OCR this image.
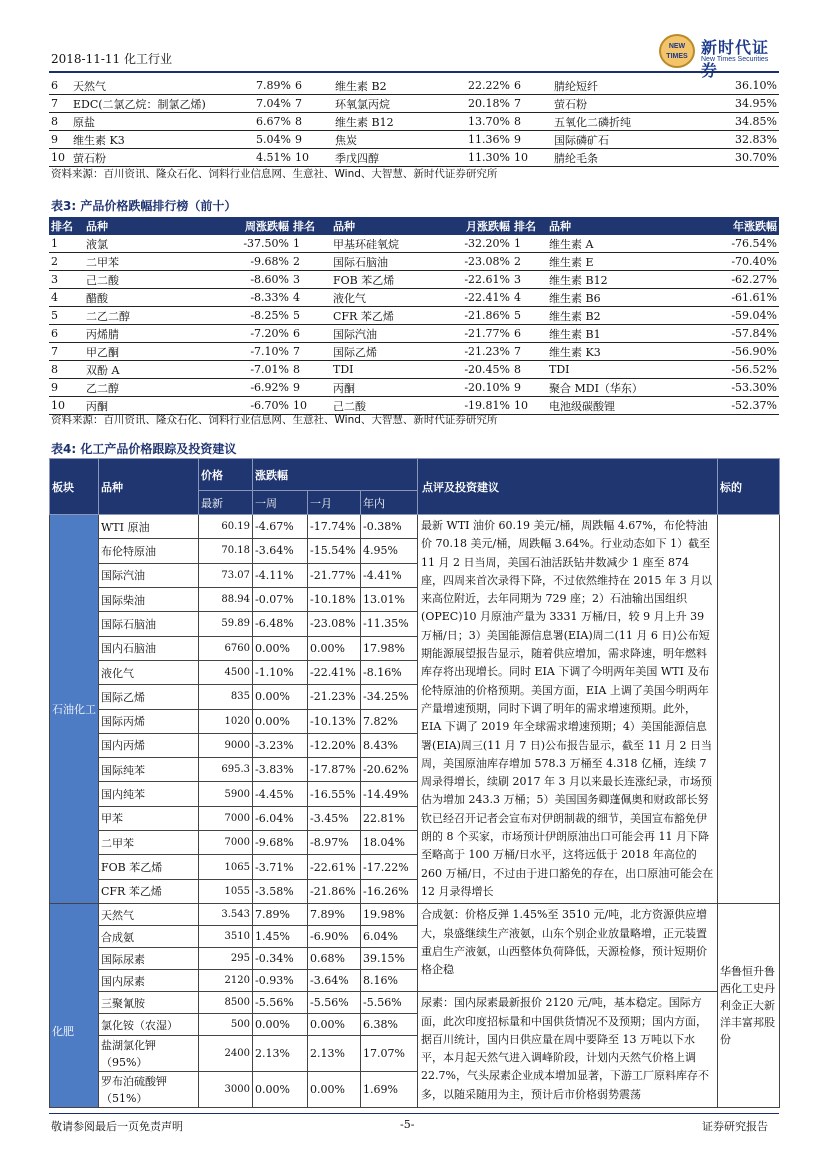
2018-11-11 化工行业
NEW TIMES 新时代证券
New Times Securities
6	天然气	7.89%	6	维生素 B2	22.22%	6	腈纶短纤	36.10%
7	EDC(二氯乙烷：制氯乙烯)	7.04%	7	环氧氯丙烷	20.18%	7	萤石粉	34.95%
8	原盐	6.67%	8	维生素 B12	13.70%	8	五氧化二磷折纯	34.85%
9	维生素 K3	5.04%	9	焦炭	11.36%	9	国际磷矿石	32.83%
10	萤石粉	4.51%	10	季戊四醇	11.30%	10	腈纶毛条	30.70%
资料来源：百川资讯、隆众石化、饲料行业信息网、生意社、Wind、大智慧、新时代证券研究所
表3: 产品价格跌幅排行榜（前十）
排名	品种	周涨跌幅	排名	品种	月涨跌幅	排名	品种	年涨跌幅
1	液氯	-37.50%	1	甲基环硅氧烷	-32.20%	1	维生素 A	-76.54%
2	二甲苯	-9.68%	2	国际石脑油	-23.08%	2	维生素 E	-70.40%
3	己二酸	-8.60%	3	FOB 苯乙烯	-22.61%	3	维生素 B12	-62.27%
4	醋酸	-8.33%	4	液化气	-22.41%	4	维生素 B6	-61.61%
5	二乙二醇	-8.25%	5	CFR 苯乙烯	-21.86%	5	维生素 B2	-59.04%
6	丙烯腈	-7.20%	6	国际汽油	-21.77%	6	维生素 B1	-57.84%
7	甲乙酮	-7.10%	7	国际乙烯	-21.23%	7	维生素 K3	-56.90%
8	双酚 A	-7.01%	8	TDI	-20.45%	8	TDI	-56.52%
9	乙二醇	-6.92%	9	丙酮	-20.10%	9	聚合 MDI（华东）	-53.30%
10	丙酮	-6.70%	10	己二酸	-19.81%	10	电池级碳酸锂	-52.37%
资料来源：百川资讯、隆众石化、饲料行业信息网、生意社、Wind、大智慧、新时代证券研究所
表4: 化工产品价格跟踪及投资建议
板块	品种	价格	涨跌幅			点评及投资建议	标的
		最新	一周	一月	年内		
石油化工	WTI 原油	60.19	-4.67%	-17.74%	-0.38%	最新 WTI 油价 60.19 美元/桶，周跌幅 4.67%，布伦特油价 70.18 美元/桶，周跌幅 3.64%。行业动态如下 1）截至 11 月 2 日当周，美国石油活跃钻井数减少 1 座至 874 座，四周来首次录得下降，不过依然维持在 2015 年 3 月以来高位附近，去年同期为 729 座；2）石油输出国组织(OPEC)10 月原油产量为 3331 万桶/日，较 9 月上升 39 万桶/日；3）美国能源信息署(EIA)周二(11 月 6 日)公布短期能源展望报告显示，随着供应增加，需求降速，明年燃料库存将出现增长。同时 EIA 下调了今明两年美国 WTI 及布伦特原油的价格预期。美国方面，EIA 上调了美国今明两年产量增速预期，同时下调了明年的需求增速预期。此外，EIA 下调了 2019 年全球需求增速预期；4）美国能源信息署(EIA)周三(11 月 7 日)公布报告显示，截至 11 月 2 日当周，美国原油库存增加 578.3 万桶至 4.318 亿桶，连续 7 周录得增长，续刷 2017 年 3 月以来最长连涨纪录，市场预估为增加 243.3 万桶；5）美国国务卿蓬佩奥和财政部长努钦已经召开记者会宣布对伊朗制裁的细节，美国宣布豁免伊朗的 8 个买家，市场预计伊朗原油出口可能会再 11 月下降至略高于 100 万桶/日水平，这将远低于 2018 年高位的 260 万桶/日，不过由于进口豁免的存在，出口原油可能会在 12 月录得增长	
	布伦特原油	70.18	-3.64%	-15.54%	4.95%		
	国际汽油	73.07	-4.11%	-21.77%	-4.41%		
	国际柴油	88.94	-0.07%	-10.18%	13.01%		
	国际石脑油	59.89	-6.48%	-23.08%	-11.35%		
	国内石脑油	6760	0.00%	0.00%	17.98%		
	液化气	4500	-1.10%	-22.41%	-8.16%		
	国际乙烯	835	0.00%	-21.23%	-34.25%		
	国际丙烯	1020	0.00%	-10.13%	7.82%		
	国内丙烯	9000	-3.23%	-12.20%	8.43%		
	国际纯苯	695.3	-3.83%	-17.87%	-20.62%		
	国内纯苯	5900	-4.45%	-16.55%	-14.49%		
	甲苯	7000	-6.04%	-3.45%	22.81%		
	二甲苯	7000	-9.68%	-8.97%	18.04%		
	FOB 苯乙烯	1065	-3.71%	-22.61%	-17.22%		
	CFR 苯乙烯	1055	-3.58%	-21.86%	-16.26%		

化肥	天然气	3.543	7.89%	7.89%	19.98%	合成氨：价格反弹 1.45%至 3510 元/吨，北方资源供应增大，泉盛继续生产液氨，山东个别企业放量略增，正元装置重启生产液氨，山西整体负荷降低，天源检修，预计短期价格企稳	华鲁恒升鲁西化工史丹利金正大新洋丰富邦股份
	合成氨	3510	1.45%	-6.90%	6.04%		
	国际尿素	295	-0.34%	0.68%	39.15%		
	国内尿素	2120	-0.93%	-3.64%	8.16%		
	三聚氰胺	8500	-5.56%	-5.56%	-5.56%	尿素：国内尿素最新报价 2120 元/吨，基本稳定。国际方面，此次印度招标量和中国供货情况不及预期；国内方面，据百川统计，国内日供应量在周中要降至 13 万吨以下水平，本月起天然气进入调峰阶段，计划内天然气价格上调 22.7%，气头尿素企业成本增加显著，下游工厂原料库存不多，以随采随用为主，预计后市价格弱势震荡	
	氯化铵（农湿）	500	0.00%	0.00%	6.38%		
	盐湖氯化钾（95%）	2400	2.13%	2.13%	17.07%		
	罗布泊硫酸钾（51%）	3000	0.00%	0.00%	1.69%		
敬请参阅最后一页免责声明	-5-	证券研究报告
